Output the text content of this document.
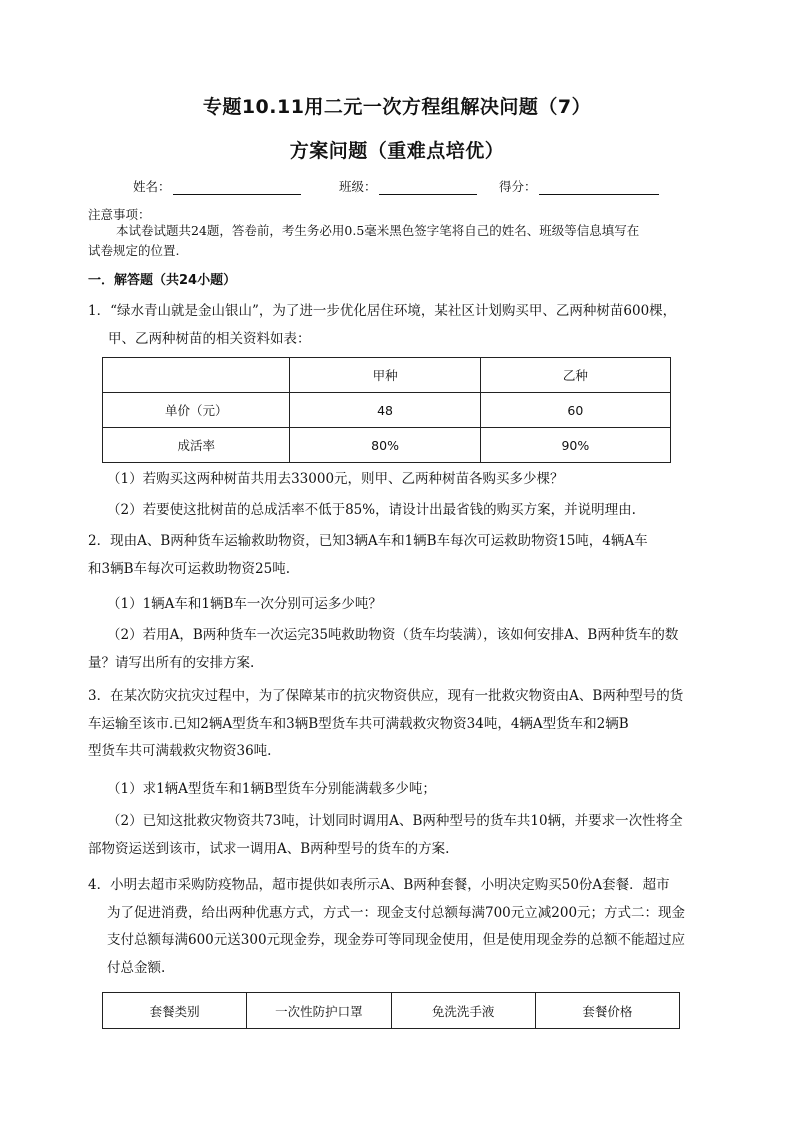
专题10.11用二元一次方程组解决问题（7）
方案问题（重难点培优）
姓名：	班级：	得分：
注意事项：
本试卷试题共24题，答卷前，考生务必用0.5毫米黑色签字笔将自己的姓名、班级等信息填写在
试卷规定的位置.
一．解答题（共24小题）
1．“绿水青山就是金山银山”，为了进一步优化居住环境，某社区计划购买甲、乙两种树苗600棵，
甲、乙两种树苗的相关资料如表：
	甲种	乙种
单价（元）	48	60
成活率	80%	90%
（1）若购买这两种树苗共用去33000元，则甲、乙两种树苗各购买多少棵？
（2）若要使这批树苗的总成活率不低于85%，请设计出最省钱的购买方案，并说明理由.
2．现由A、B两种货车运输救助物资，已知3辆A车和1辆B车每次可运救助物资15吨，4辆A车
和3辆B车每次可运救助物资25吨.
（1）1辆A车和1辆B车一次分别可运多少吨？
（2）若用A，B两种货车一次运完35吨救助物资（货车均装满），该如何安排A、B两种货车的数
量？请写出所有的安排方案.
3．在某次防灾抗灾过程中，为了保障某市的抗灾物资供应，现有一批救灾物资由A、B两种型号的货
车运输至该市.已知2辆A型货车和3辆B型货车共可满载救灾物资34吨，4辆A型货车和2辆B
型货车共可满载救灾物资36吨.
（1）求1辆A型货车和1辆B型货车分别能满载多少吨；
（2）已知这批救灾物资共73吨，计划同时调用A、B两种型号的货车共10辆，并要求一次性将全
部物资运送到该市，试求一调用A、B两种型号的货车的方案.
4．小明去超市采购防疫物品，超市提供如表所示A、B两种套餐，小明决定购买50份A套餐．超市
为了促进消费，给出两种优惠方式，方式一：现金支付总额每满700元立减200元；方式二：现金
支付总额每满600元送300元现金券，现金券可等同现金使用，但是使用现金券的总额不能超过应
付总金额.
套餐类别	一次性防护口罩	免洗洗手液	套餐价格
